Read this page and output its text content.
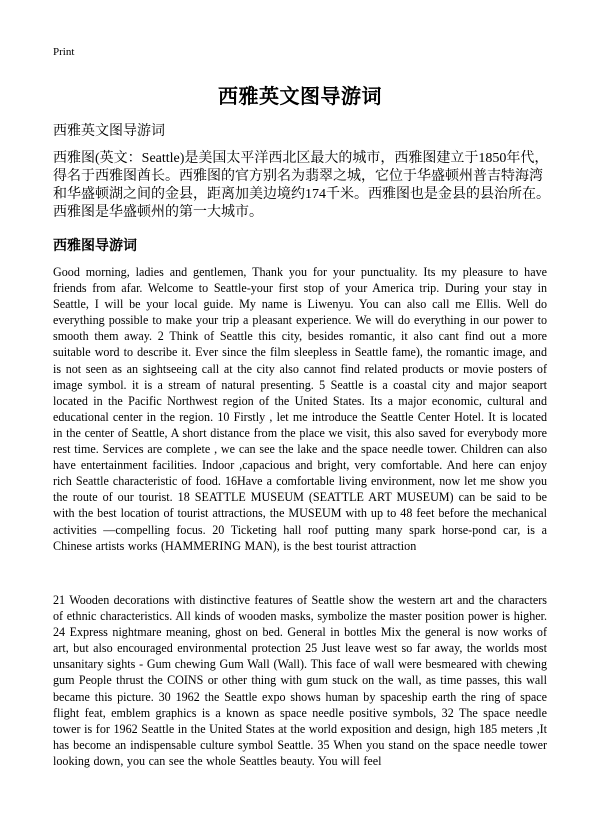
Print
西雅英文图导游词

西雅英文图导游词

西雅图(英文：Seattle)是美国太平洋西北区最大的城市，西雅图建立于1850年代，得名于西雅图酋长。西雅图的官方别名为翡翠之城，它位于华盛顿州普吉特海湾和华盛顿湖之间的金县，距离加美边境约174千米。西雅图也是金县的县治所在。西雅图是华盛顿州的第一大城市。

西雅图导游词

Good morning, ladies and gentlemen, Thank you for your punctuality. Its my pleasure to have friends from afar. Welcome to Seattle-your first stop of your America trip. During your stay in Seattle, I will be your local guide. My name is Liwenyu. You can also call me Ellis. Well do everything possible to make your trip a pleasant experience. We will do everything in our power to smooth them away. 2 Think of Seattle this city, besides romantic, it also cant find out a more suitable word to describe it. Ever since the film sleepless in Seattle fame), the romantic image, and is not seen as an sightseeing call at the city also cannot find related products or movie posters of image symbol. it is a stream of natural presenting. 5 Seattle is a coastal city and major seaport located in the Pacific Northwest region of the United States. Its a major economic, cultural and educational center in the region. 10 Firstly , let me introduce the Seattle Center Hotel. It is located in the center of Seattle, A short distance from the place we visit, this also saved for everybody more rest time. Services are complete , we can see the lake and the space needle tower. Children can also have entertainment facilities. Indoor ,capacious and bright, very comfortable. And here can enjoy rich Seattle characteristic of food. 16Have a comfortable living environment, now let me show you the route of our tourist. 18 SEATTLE MUSEUM (SEATTLE ART MUSEUM) can be said to be with the best location of tourist attractions, the MUSEUM with up to 48 feet before the mechanical activities —compelling focus. 20 Ticketing hall roof putting many spark horse-pond car, is a Chinese artists works (HAMMERING MAN), is the best tourist attraction

21 Wooden decorations with distinctive features of Seattle show the western art and the characters of ethnic characteristics. All kinds of wooden masks, symbolize the master position power is higher. 24 Express nightmare meaning, ghost on bed. General in bottles Mix the general is now works of art, but also encouraged environmental protection 25 Just leave west so far away, the worlds most unsanitary sights - Gum chewing Gum Wall (Wall). This face of wall were besmeared with chewing gum People thrust the COINS or other thing with gum stuck on the wall, as time passes, this wall became this picture. 30 1962 the Seattle expo shows human by spaceship earth the ring of space flight feat, emblem graphics is a known as space needle positive symbols, 32 The space needle tower is for 1962 Seattle in the United States at the world exposition and design, high 185 meters ,It has become an indispensable culture symbol Seattle. 35 When you stand on the space needle tower looking down, you can see the whole Seattles beauty. You will feel
